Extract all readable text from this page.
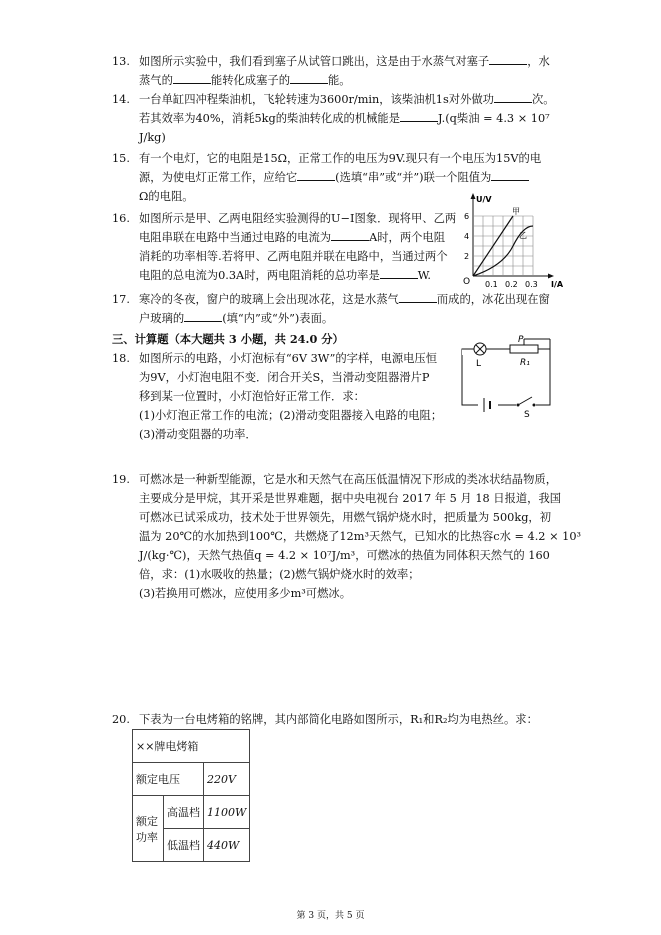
13. 如图所示实验中，我们看到塞子从试管口跳出，这是由于水蒸气对塞子	，水
蒸气的	能转化成塞子的	能。
14. 一台单缸四冲程柴油机，飞轮转速为3600r/min，该柴油机1s对外做功	次。
若其效率为40%，消耗5kg的柴油转化成的机械能是	J.(q柴油 = 4.3 × 10⁷
J/kg)
15. 有一个电灯，它的电阻是15Ω，正常工作的电压为9V.现只有一个电压为15V的电
源，为使电灯正常工作，应给它	(选填“串”或“并”)联一个阻值为
Ω的电阻。
16. 如图所示是甲、乙两电阻经实验测得的U−I图象．现将甲、乙两
电阻串联在电路中当通过电路的电流为	A时，两个电阻
消耗的功率相等.若将甲、乙两电阻并联在电路中，当通过两个
电阻的总电流为0.3A时，两电阻消耗的总功率是	W.
U/V
I/A
O
6
4
2
0.1 0.2 0.3
甲
乙
17. 寒冷的冬夜，窗户的玻璃上会出现冰花，这是水蒸气	而成的，冰花出现在窗
户玻璃的	(填“内”或“外”)表面。
三、计算题（本大题共 3 小题，共 24.0 分）
18. 如图所示的电路，小灯泡标有“6V 3W”的字样，电源电压恒
为9V，小灯泡电阻不变．闭合开关S，当滑动变阻器滑片P
移到某一位置时，小灯泡恰好正常工作．求：
(1)小灯泡正常工作的电流；(2)滑动变阻器接入电路的电阻；
(3)滑动变阻器的功率．
L
P
R₁
S
19. 可燃冰是一种新型能源，它是水和天然气在高压低温情况下形成的类冰状结晶物质，
主要成分是甲烷，其开采是世界难题，据中央电视台 2017 年 5 月 18 日报道，我国
可燃冰已试采成功，技术处于世界领先，用燃气锅炉烧水时，把质量为 500kg，初
温为 20℃的水加热到100℃，共燃烧了12m³天然气，已知水的比热容c水 = 4.2 × 10³
J/(kg·℃)，天然气热值q = 4.2 × 10⁷J/m³，可燃冰的热值为同体积天然气的 160
倍，求：(1)水吸收的热量；(2)燃气锅炉烧水时的效率；
(3)若换用可燃冰，应使用多少m³可燃冰。
20. 下表为一台电烤箱的铭牌，其内部简化电路如图所示，R₁和R₂均为电热丝。求：
××牌电烤箱		
额定电压		220V
额定功率	高温档	1100W
	低温档	440W
第 3 页，共 5 页
